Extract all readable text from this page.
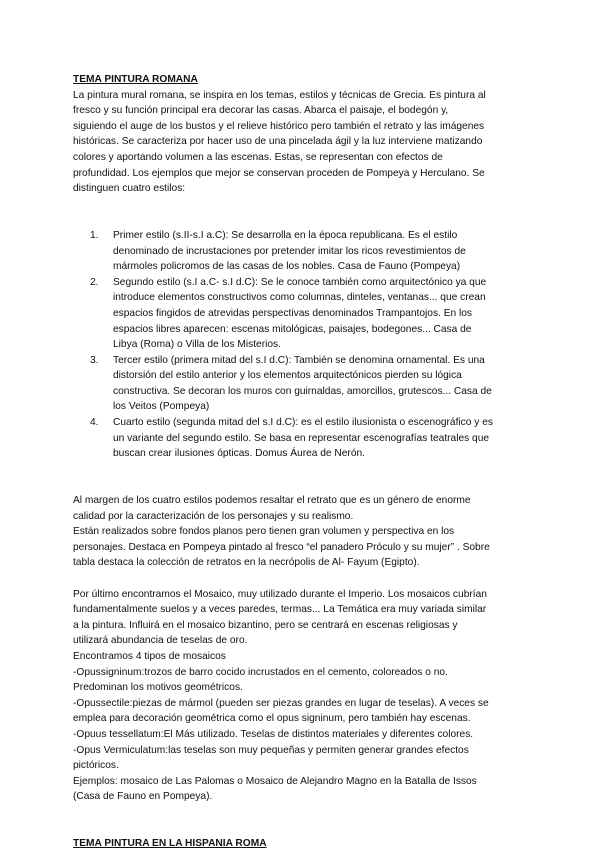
TEMA PINTURA ROMANA

La pintura mural romana, se inspira en los temas, estilos y técnicas de Grecia. Es pintura al
fresco y su función principal era decorar las casas. Abarca el paisaje, el bodegón y,
siguiendo el auge de los bustos y el relieve histórico pero también el retrato y las imágenes
históricas. Se caracteriza por hacer uso de una pincelada ágil y la luz interviene matizando
colores y aportando volumen a las escenas. Estas, se representan con efectos de
profundidad. Los ejemplos que mejor se conservan proceden de Pompeya y Herculano. Se
distinguen cuatro estilos:

1. Primer estilo (s.II-s.I a.C): Se desarrolla en la época republicana. Es el estilo
denominado de incrustaciones por pretender imitar los ricos revestimientos de
mármoles policromos de las casas de los nobles. Casa de Fauno (Pompeya)
2. Segundo estilo (s.I a.C- s.I d.C): Se le conoce también como arquitectónico ya que
introduce elementos constructivos como columnas, dinteles, ventanas... que crean
espacios fingidos de atrevidas perspectivas denominados Trampantojos. En los
espacios libres aparecen: escenas mitológicas, paisajes, bodegones... Casa de
Libya (Roma) o Villa de los Misterios.
3. Tercer estilo (primera mitad del s.I d.C): También se denomina ornamental. Es una
distorsión del estilo anterior y los elementos arquitectónicos pierden su lógica
constructiva. Se decoran los muros con guirnaldas, amorcillos, grutescos... Casa de
los Veitos (Pompeya)
4. Cuarto estilo (segunda mitad del s.I d.C): es el estilo ilusionista o escenográfico y es
un variante del segundo estilo. Se basa en representar escenografías teatrales que
buscan crear ilusiones ópticas. Domus Áurea de Nerón.

Al margen de los cuatro estilos podemos resaltar el retrato que es un género de enorme
calidad por la caracterización de los personajes y su realismo.
Están realizados sobre fondos planos pero tienen gran volumen y perspectiva en los
personajes. Destaca en Pompeya pintado al fresco “el panadero Próculo y su mujer” . Sobre
tabla destaca la colección de retratos en la necrópolis de Al- Fayum (Egipto).

Por último encontramos el Mosaico, muy utilizado durante el Imperio. Los mosaicos cubrían
fundamentalmente suelos y a veces paredes, termas... La Temática era muy variada similar
a la pintura. Influirá en el mosaico bizantino, pero se centrará en escenas religiosas y
utilizará abundancia de teselas de oro.
Encontramos 4 tipos de mosaicos
-Opussigninum:trozos de barro cocido incrustados en el cemento, coloreados o no.
Predominan los motivos geométricos.
-Opussectile:piezas de mármol (pueden ser piezas grandes en lugar de teselas). A veces se
emplea para decoración geométrica como el opus signinum, pero también hay escenas.
-Opuus tessellatum:El Más utilizado. Teselas de distintos materiales y diferentes colores.
-Opus Vermiculatum:las teselas son muy pequeñas y permiten generar grandes efectos
pictóricos.
Ejemplos: mosaico de Las Palomas o Mosaico de Alejandro Magno en la Batalla de Issos
(Casa de Fauno en Pompeya).

TEMA PINTURA EN LA HISPANIA ROMA
